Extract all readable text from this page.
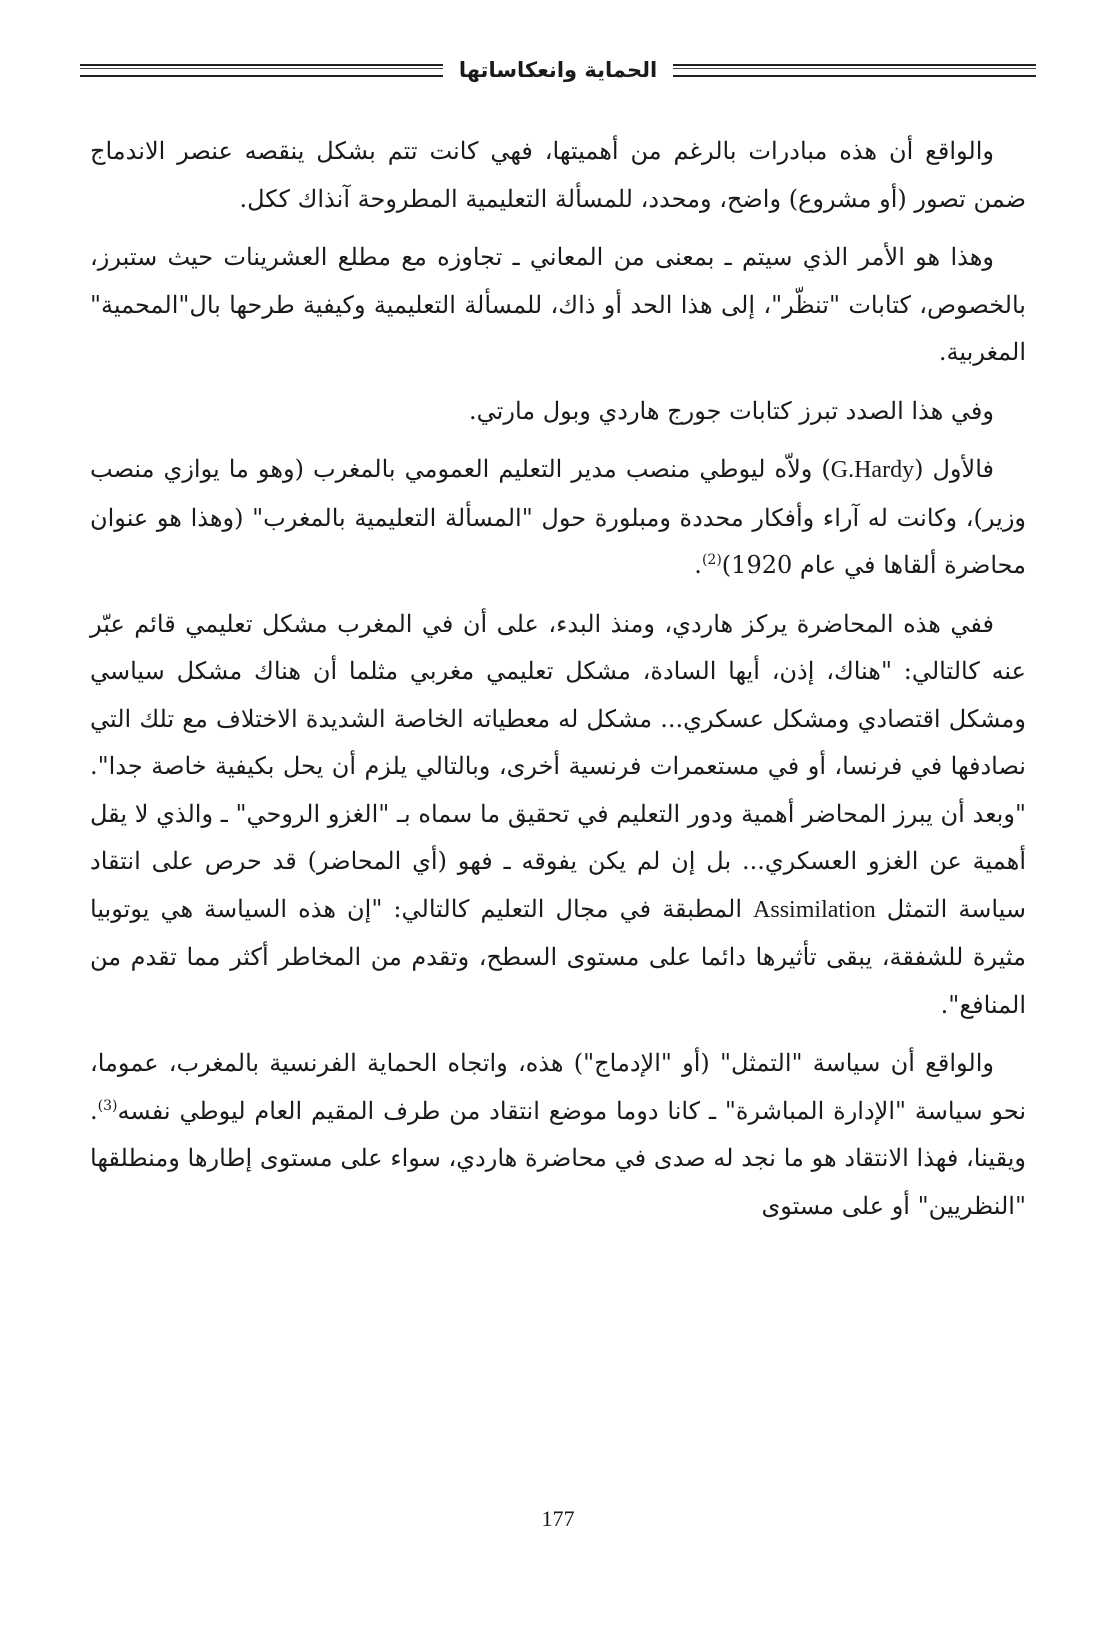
الحماية وانعكاساتها

والواقع أن هذه مبادرات بالرغم من أهميتها، فهي كانت تتم بشكل ينقصه عنصر الاندماج ضمن تصور (أو مشروع) واضح، ومحدد، للمسألة التعليمية المطروحة آنذاك ككل.

وهذا هو الأمر الذي سيتم ـ بمعنى من المعاني ـ تجاوزه مع مطلع العشرينات حيث ستبرز، بالخصوص، كتابات "تنظّر"، إلى هذا الحد أو ذاك، للمسألة التعليمية وكيفية طرحها بال"المحمية" المغربية.

وفي هذا الصدد تبرز كتابات جورج هاردي وبول مارتي.

فالأول (G.Hardy) ولاّه ليوطي منصب مدير التعليم العمومي بالمغرب (وهو ما يوازي منصب وزير)، وكانت له آراء وأفكار محددة ومبلورة حول "المسألة التعليمية بالمغرب" (وهذا هو عنوان محاضرة ألقاها في عام 1920)$^{(2)}$.

ففي هذه المحاضرة يركز هاردي، ومنذ البدء، على أن في المغرب مشكل تعليمي قائم عبّر عنه كالتالي: "هناك، إذن، أيها السادة، مشكل تعليمي مغربي مثلما أن هناك مشكل سياسي ومشكل اقتصادي ومشكل عسكري... مشكل له معطياته الخاصة الشديدة الاختلاف مع تلك التي نصادفها في فرنسا، أو في مستعمرات فرنسية أخرى، وبالتالي يلزم أن يحل بكيفية خاصة جدا". "وبعد أن يبرز المحاضر أهمية ودور التعليم في تحقيق ما سماه بـ "الغزو الروحي" ـ والذي لا يقل أهمية عن الغزو العسكري... بل إن لم يكن يفوقه ـ فهو (أي المحاضر) قد حرص على انتقاد سياسة التمثل Assimilation المطبقة في مجال التعليم كالتالي: "إن هذه السياسة هي يوتوبيا مثيرة للشفقة، يبقى تأثيرها دائما على مستوى السطح، وتقدم من المخاطر أكثر مما تقدم من المنافع".

والواقع أن سياسة "التمثل" (أو "الإدماج") هذه، واتجاه الحماية الفرنسية بالمغرب، عموما، نحو سياسة "الإدارة المباشرة" ـ كانا دوما موضع انتقاد من طرف المقيم العام ليوطي نفسه$^{(3)}$. ويقينا، فهذا الانتقاد هو ما نجد له صدى في محاضرة هاردي، سواء على مستوى إطارها ومنطلقها "النظريين" أو على مستوى

177
